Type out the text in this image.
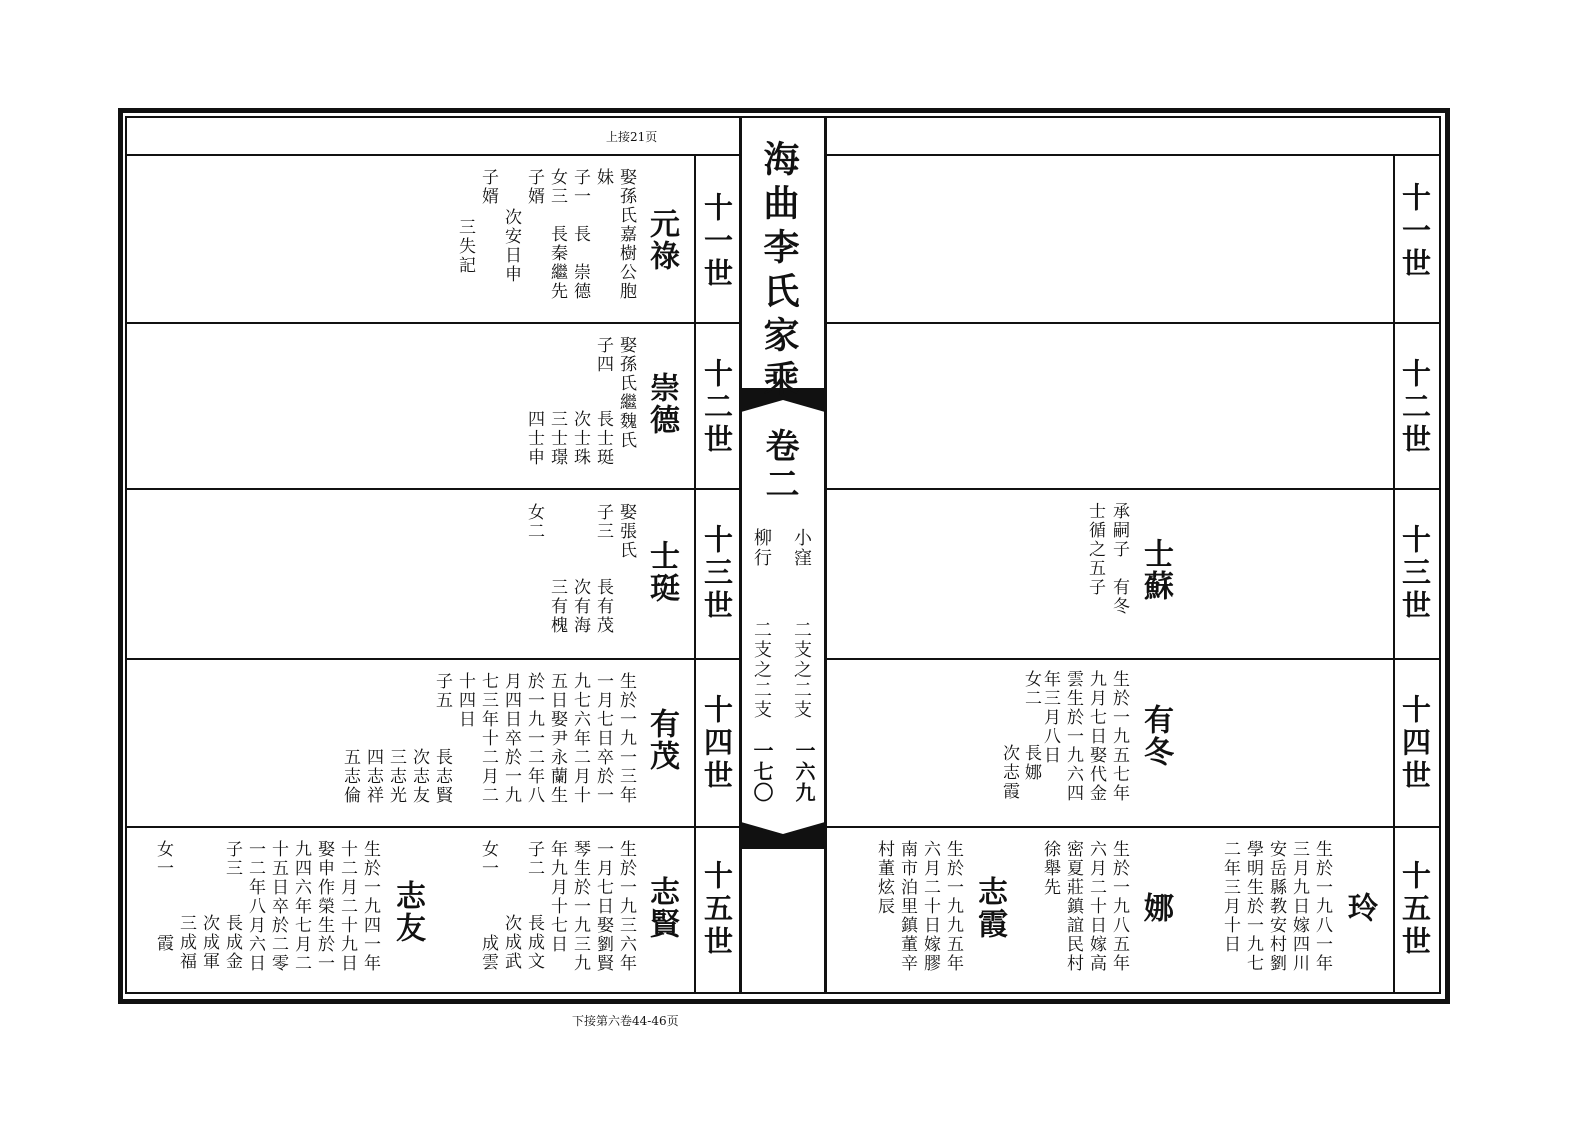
上接21页
下接第六卷44-46页
海曲李氏家乘
卷二
小窪
柳行
二支之二支
二支之二支
一六九
一七〇
十一世
十二世
十三世
十四世
十五世
十一世
十二世
十三世
十四世
十五世
元祿
娶孫氏嘉樹公胞
妹
子一　長　崇德
女三　長秦繼先
子婿
次安日申
子婿
三失記
崇德
娶孫氏繼魏氏
子四
長士珽
次士珠
三士璟
四士申
士珽
娶張氏
子三
長有茂
次有海
三有槐
女二
有茂
生於一九一三年
一月七日卒於一
九七六年二月十
五日娶尹永蘭生
於一九一二年八
月四日卒於一九
七三年十二月二
十四日
子五
長志賢
次志友
三志光
四志祥
五志倫
志賢
生於一九三六年
一月七日娶劉賢
琴生於一九三九
年九月十七日
子二
長成文
次成武
成雲
女一
志友
生於一九四一年
十二月二十九日
娶申作榮生於一
九四六年七月二
十五日卒於二零
一二年八月六日
子三
長成金
次成軍
三成福
女一
霞
士蘇
承嗣子　有冬
士循之五子
有冬
生於一九五七年
九月七日娶代金
雲生於一九六四
年三月八日
女二
長娜
次志霞
玲
生於一九八一年
三月九日嫁四川
安岳縣教安村劉
學明生於一九七
二年三月十日
娜
生於一九八五年
六月二十日嫁高
密夏莊鎮誼民村
徐舉先
志霞
生於一九九五年
六月二十日嫁膠
南市泊里鎮董辛
村董炫辰
